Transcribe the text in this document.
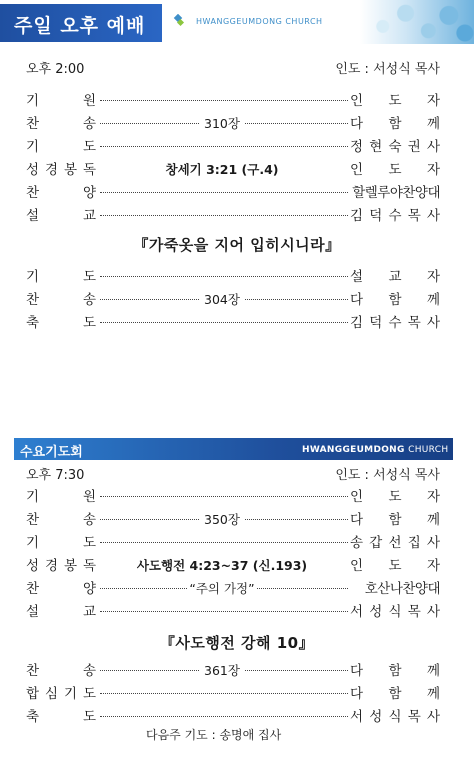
주일 오후 예배	HWANGGEUMDONG CHURCH
오후 2:00	인도 : 서성식 목사
기	원	인 도 자
찬	송	310장	다 함 께
기	도	정 현 숙 권 사
성 경 봉 독	창세기 3:21 (구.4)	인 도 자
찬	양	할렐루야찬양대
설	교	김 덕 수 목 사
『가죽옷을 지어 입히시니라』
기	도	설 교 자
찬	송	304장	다 함 께
축	도	김 덕 수 목 사
수요기도회	HWANGGEUMDONG CHURCH
오후 7:30	인도 : 서성식 목사
기	원	인 도 자
찬	송	350장	다 함 께
기	도	송 갑 선 집 사
성 경 봉 독	사도행전 4:23~37 (신.193)	인 도 자
찬	양	“주의 가정”	호산나찬양대
설	교	서 성 식 목 사
『사도행전 강해 10』
찬	송	361장	다 함 께
합 심 기 도	다 함 께
축	도	서 성 식 목 사
다음주 기도 : 송명애 집사
